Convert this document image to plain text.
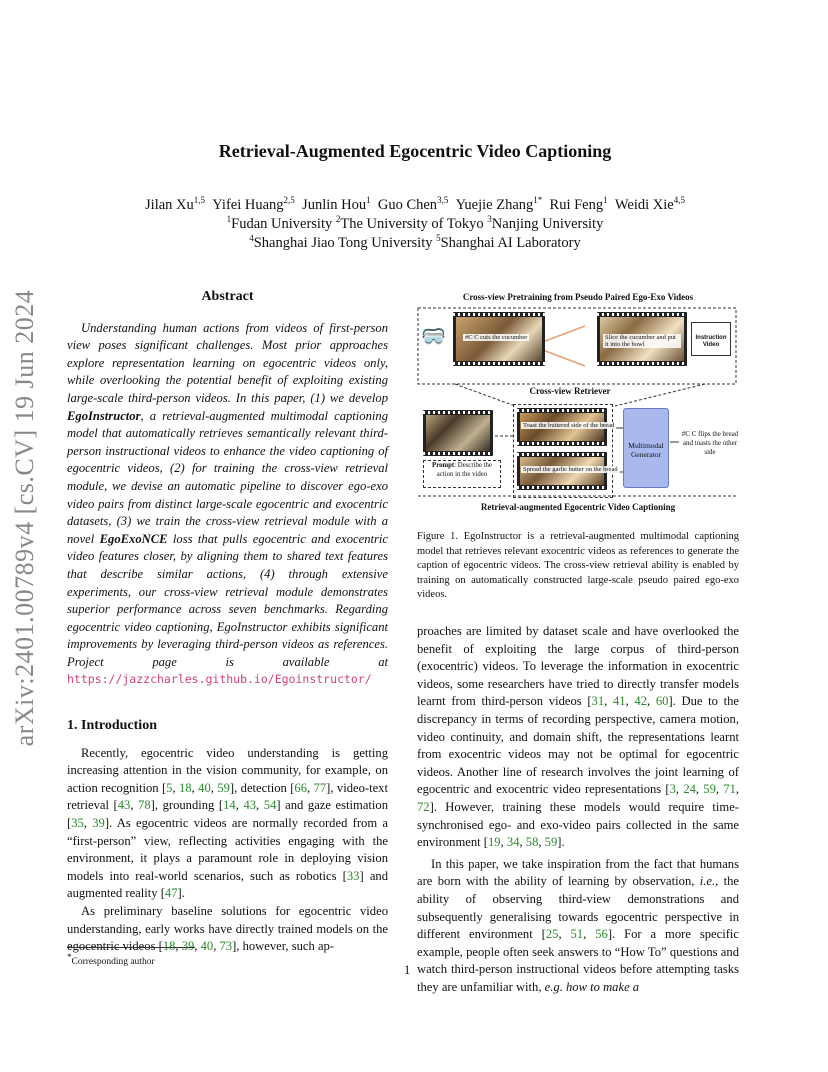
arXiv:2401.00789v4 [cs.CV] 19 Jun 2024
Retrieval-Augmented Egocentric Video Captioning
Jilan Xu$^{1,5}$ Yifei Huang$^{2,5}$ Junlin Hou$^1$ Guo Chen$^{3,5}$ Yuejie Zhang$^{1*}$ Rui Feng$^1$ Weidi Xie$^{4,5}$
$^1$Fudan University $^2$The University of Tokyo $^3$Nanjing University
$^4$Shanghai Jiao Tong University $^5$Shanghai AI Laboratory
Abstract

Understanding human actions from videos of first-person view poses significant challenges. Most prior approaches explore representation learning on egocentric videos only, while overlooking the potential benefit of exploiting existing large-scale third-person videos. In this paper, (1) we develop EgoInstructor, a retrieval-augmented multimodal captioning model that automatically retrieves semantically relevant third-person instructional videos to enhance the video captioning of egocentric videos, (2) for training the cross-view retrieval module, we devise an automatic pipeline to discover ego-exo video pairs from distinct large-scale egocentric and exocentric datasets, (3) we train the cross-view retrieval module with a novel EgoExoNCE loss that pulls egocentric and exocentric video features closer, by aligning them to shared text features that describe similar actions, (4) through extensive experiments, our cross-view retrieval module demonstrates superior performance across seven benchmarks. Regarding egocentric video captioning, EgoInstructor exhibits significant improvements by leveraging third-person videos as references. Project page is available at https://jazzcharles.github.io/Egoinstructor/

1. Introduction

Recently, egocentric video understanding is getting increasing attention in the vision community, for example, on action recognition [5, 18, 40, 59], detection [66, 77], video-text retrieval [43, 78], grounding [14, 43, 54] and gaze estimation [35, 39]. As egocentric videos are normally recorded from a “first-person” view, reflecting activities engaging with the environment, it plays a paramount role in deploying vision models into real-world scenarios, such as robotics [33] and augmented reality [47].

As preliminary baseline solutions for egocentric video understanding, early works have directly trained models on the egocentric videos [18, 39, 40, 73], however, such ap-

Cross-view Pretraining from Pseudo Paired Ego-Exo Videos
🥽	#C C cuts the cucumber	Slice the cucumber and put it into the bowl
Instruction Video
Cross-view Retriever
Prompt: Describe the action in the video
Toast the buttered side of the bread
Spread the garlic butter on the bread
Multimodal Generator
#C C flips the bread and toasts the other side
Retrieval-augmented Egocentric Video Captioning
Figure 1. EgoInstructor is a retrieval-augmented multimodal captioning model that retrieves relevant exocentric videos as references to generate the caption of egocentric videos. The cross-view retrieval ability is enabled by training on automatically constructed large-scale pseudo paired ego-exo videos.

proaches are limited by dataset scale and have overlooked the benefit of exploiting the large corpus of third-person (exocentric) videos. To leverage the information in exocentric videos, some researchers have tried to directly transfer models learnt from third-person videos [31, 41, 42, 60]. Due to the discrepancy in terms of recording perspective, camera motion, video continuity, and domain shift, the representations learnt from exocentric videos may not be optimal for egocentric videos. Another line of research involves the joint learning of egocentric and exocentric video representations [3, 24, 59, 71, 72]. However, training these models would require time-synchronised ego- and exo-video pairs collected in the same environment [19, 34, 58, 59].

In this paper, we take inspiration from the fact that humans are born with the ability of learning by observation, i.e., the ability of observing third-view demonstrations and subsequently generalising towards egocentric perspective in different environment [25, 51, 56]. For a more specific example, people often seek answers to “How To” questions and watch third-person instructional videos before attempting tasks they are unfamiliar with, e.g. how to make a

*Corresponding author
1
